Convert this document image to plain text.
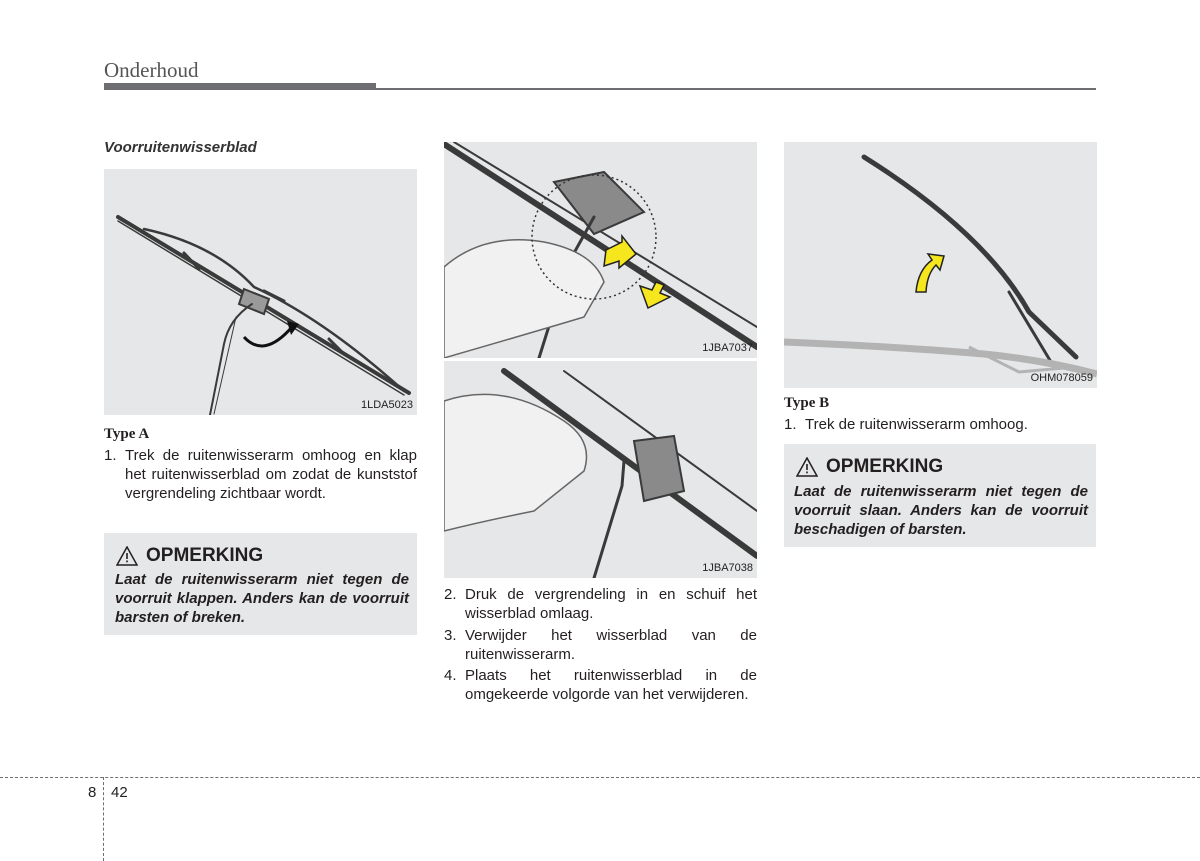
Onderhoud
Voorruitenwisserblad
1LDA5023
Type A
1. Trek de ruitenwisserarm omhoog en klap het ruitenwisserblad om zodat de kunststof vergrendeling zichtbaar wordt.
OPMERKING
Laat de ruitenwisserarm niet tegen de voorruit klappen. Anders kan de voorruit barsten of breken.
1JBA7037
1JBA7038
2. Druk de vergrendeling in en schuif het wisserblad omlaag.
3. Verwijder het wisserblad van de ruitenwisserarm.
4. Plaats het ruitenwisserblad in de omgekeerde volgorde van het verwijderen.
OHM078059
Type B
1. Trek de ruitenwisserarm omhoog.
OPMERKING
Laat de ruitenwisserarm niet tegen de voorruit slaan. Anders kan de voorruit beschadigen of barsten.
8 42
